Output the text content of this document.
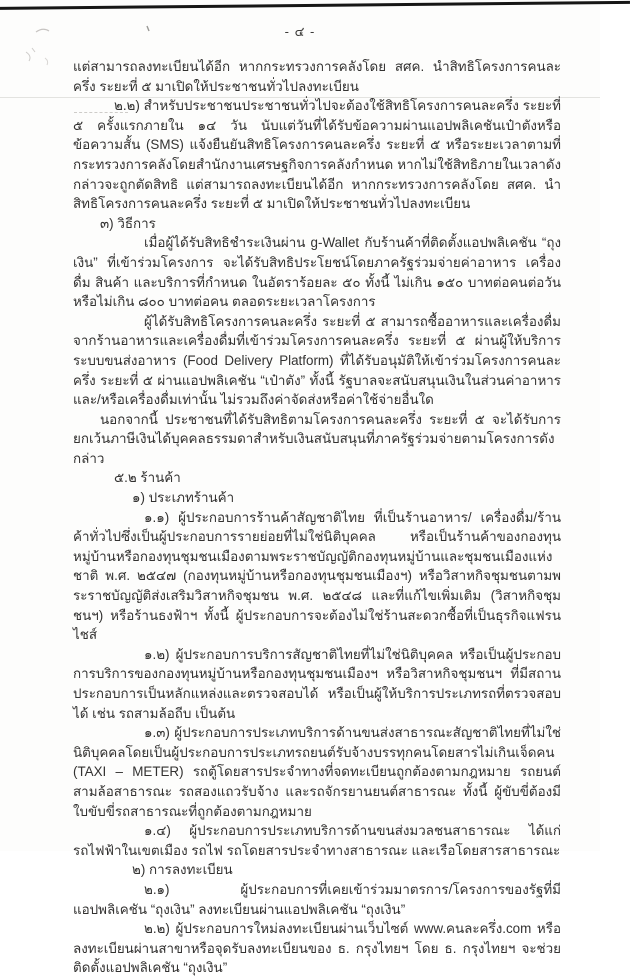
- ๔ -

แต่สามารถลงทะเบียนได้อีก หากกระทรวงการคลังโดย สศค. นำสิทธิโครงการคนละครึ่ง ระยะที่ ๕ มาเปิดให้ประชาชนทั่วไปลงทะเบียน

๒.๒) สำหรับประชาชนประชาชนทั่วไปจะต้องใช้สิทธิโครงการคนละครึ่ง ระยะที่ ๕ ครั้งแรกภายใน ๑๔ วัน นับแต่วันที่ได้รับข้อความผ่านแอปพลิเคชันเป๋าตังหรือข้อความสั้น (SMS) แจ้งยืนยันสิทธิโครงการคนละครึ่ง ระยะที่ ๕ หรือระยะเวลาตามที่กระทรวงการคลังโดยสำนักงานเศรษฐกิจการคลังกำหนด หากไม่ใช้สิทธิภายในเวลาดังกล่าวจะถูกตัดสิทธิ แต่สามารถลงทะเบียนได้อีก หากกระทรวงการคลังโดย สศค. นำสิทธิโครงการคนละครึ่ง ระยะที่ ๕ มาเปิดให้ประชาชนทั่วไปลงทะเบียน

๓) วิธีการ

เมื่อผู้ได้รับสิทธิชำระเงินผ่าน g-Wallet กับร้านค้าที่ติดตั้งแอปพลิเคชัน “ถุงเงิน” ที่เข้าร่วมโครงการ จะได้รับสิทธิประโยชน์โดยภาครัฐร่วมจ่ายค่าอาหาร เครื่องดื่ม สินค้า และบริการที่กำหนด ในอัตราร้อยละ ๕๐ ทั้งนี้ ไม่เกิน ๑๕๐ บาทต่อคนต่อวัน หรือไม่เกิน ๘๐๐ บาทต่อคน ตลอดระยะเวลาโครงการ

ผู้ได้รับสิทธิโครงการคนละครึ่ง ระยะที่ ๕ สามารถซื้ออาหารและเครื่องดื่มจากร้านอาหารและเครื่องดื่มที่เข้าร่วมโครงการคนละครึ่ง ระยะที่ ๕ ผ่านผู้ให้บริการระบบขนส่งอาหาร (Food Delivery Platform) ที่ได้รับอนุมัติให้เข้าร่วมโครงการคนละครึ่ง ระยะที่ ๕ ผ่านแอปพลิเคชัน “เป๋าตัง” ทั้งนี้ รัฐบาลจะสนับสนุนเงินในส่วนค่าอาหารและ/หรือเครื่องดื่มเท่านั้น ไม่รวมถึงค่าจัดส่งหรือค่าใช้จ่ายอื่นใด

นอกจากนี้ ประชาชนที่ได้รับสิทธิตามโครงการคนละครึ่ง ระยะที่ ๕ จะได้รับการยกเว้นภาษีเงินได้บุคคลธรรมดาสำหรับเงินสนับสนุนที่ภาครัฐร่วมจ่ายตามโครงการดังกล่าว

๕.๒ ร้านค้า

๑) ประเภทร้านค้า

๑.๑) ผู้ประกอบการร้านค้าสัญชาติไทย ที่เป็นร้านอาหาร/ เครื่องดื่ม/ร้านค้าทั่วไปซึ่งเป็นผู้ประกอบการรายย่อยที่ไม่ใช่นิติบุคคล หรือเป็นร้านค้าของกองทุนหมู่บ้านหรือกองทุนชุมชนเมืองตามพระราชบัญญัติกองทุนหมู่บ้านและชุมชนเมืองแห่งชาติ พ.ศ. ๒๕๔๗ (กองทุนหมู่บ้านหรือกองทุนชุมชนเมืองฯ) หรือวิสาหกิจชุมชนตามพระราชบัญญัติส่งเสริมวิสาหกิจชุมชน พ.ศ. ๒๕๔๘ และที่แก้ไขเพิ่มเติม (วิสาหกิจชุมชนฯ) หรือร้านธงฟ้าฯ ทั้งนี้ ผู้ประกอบการจะต้องไม่ใช่ร้านสะดวกซื้อที่เป็นธุรกิจแฟรนไชส์

๑.๒) ผู้ประกอบการบริการสัญชาติไทยที่ไม่ใช่นิติบุคคล หรือเป็นผู้ประกอบการบริการของกองทุนหมู่บ้านหรือกองทุนชุมชนเมืองฯ หรือวิสาหกิจชุมชนฯ ที่มีสถานประกอบการเป็นหลักแหล่งและตรวจสอบได้ หรือเป็นผู้ให้บริการประเภทรถที่ตรวจสอบได้ เช่น รถสามล้อถีบ เป็นต้น

๑.๓) ผู้ประกอบการประเภทบริการด้านขนส่งสาธารณะสัญชาติไทยที่ไม่ใช่นิติบุคคลโดยเป็นผู้ประกอบการประเภทรถยนต์รับจ้างบรรทุกคนโดยสารไม่เกินเจ็ดคน (TAXI – METER) รถตู้โดยสารประจำทางที่จดทะเบียนถูกต้องตามกฎหมาย รถยนต์สามล้อสาธารณะ รถสองแถวรับจ้าง และรถจักรยานยนต์สาธารณะ ทั้งนี้ ผู้ขับขี่ต้องมีใบขับขี่รถสาธารณะที่ถูกต้องตามกฎหมาย

๑.๔) ผู้ประกอบการประเภทบริการด้านขนส่งมวลชนสาธารณะ ได้แก่ รถไฟฟ้าในเขตเมือง รถไฟ รถโดยสารประจำทางสาธารณะ และเรือโดยสารสาธารณะ

๒) การลงทะเบียน

๒.๑) ผู้ประกอบการที่เคยเข้าร่วมมาตรการ/โครงการของรัฐที่มีแอปพลิเคชัน “ถุงเงิน” ลงทะเบียนผ่านแอปพลิเคชัน “ถุงเงิน”

๒.๒) ผู้ประกอบการใหม่ลงทะเบียนผ่านเว็บไซต์ www.คนละครึ่ง.com หรือลงทะเบียนผ่านสาขาหรือจุดรับลงทะเบียนของ ธ. กรุงไทยฯ โดย ธ. กรุงไทยฯ จะช่วยติดตั้งแอปพลิเคชัน “ถุงเงิน”
